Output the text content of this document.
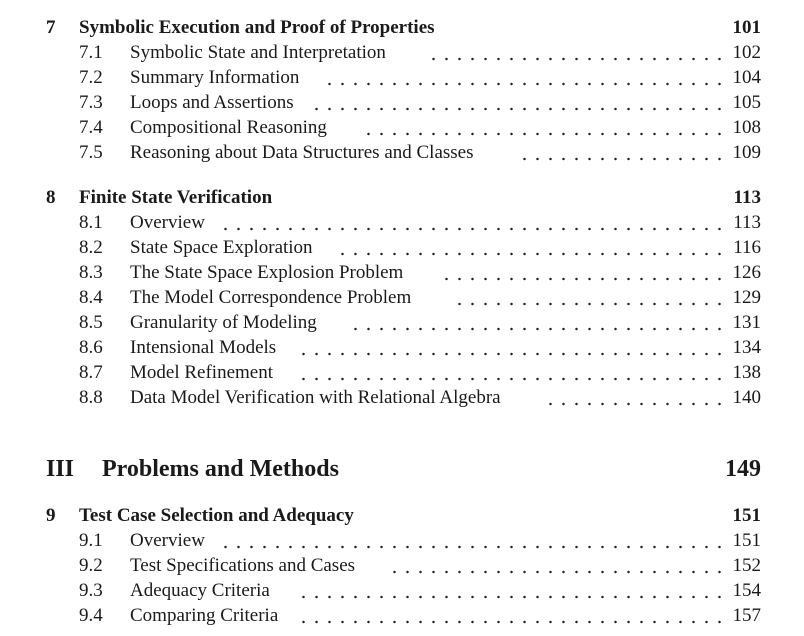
7 Symbolic Execution and Proof of Properties	101
7.1 Symbolic State and Interpretation	102
7.2 Summary Information	104
7.3 Loops and Assertions	105
7.4 Compositional Reasoning	108
7.5 Reasoning about Data Structures and Classes	109
8 Finite State Verification	113
8.1 Overview	113
8.2 State Space Exploration	116
8.3 The State Space Explosion Problem	126
8.4 The Model Correspondence Problem	129
8.5 Granularity of Modeling	131
8.6 Intensional Models	134
8.7 Model Refinement	138
8.8 Data Model Verification with Relational Algebra	140
III Problems and Methods	149
9 Test Case Selection and Adequacy	151
9.1 Overview	151
9.2 Test Specifications and Cases	152
9.3 Adequacy Criteria	154
9.4 Comparing Criteria	157
